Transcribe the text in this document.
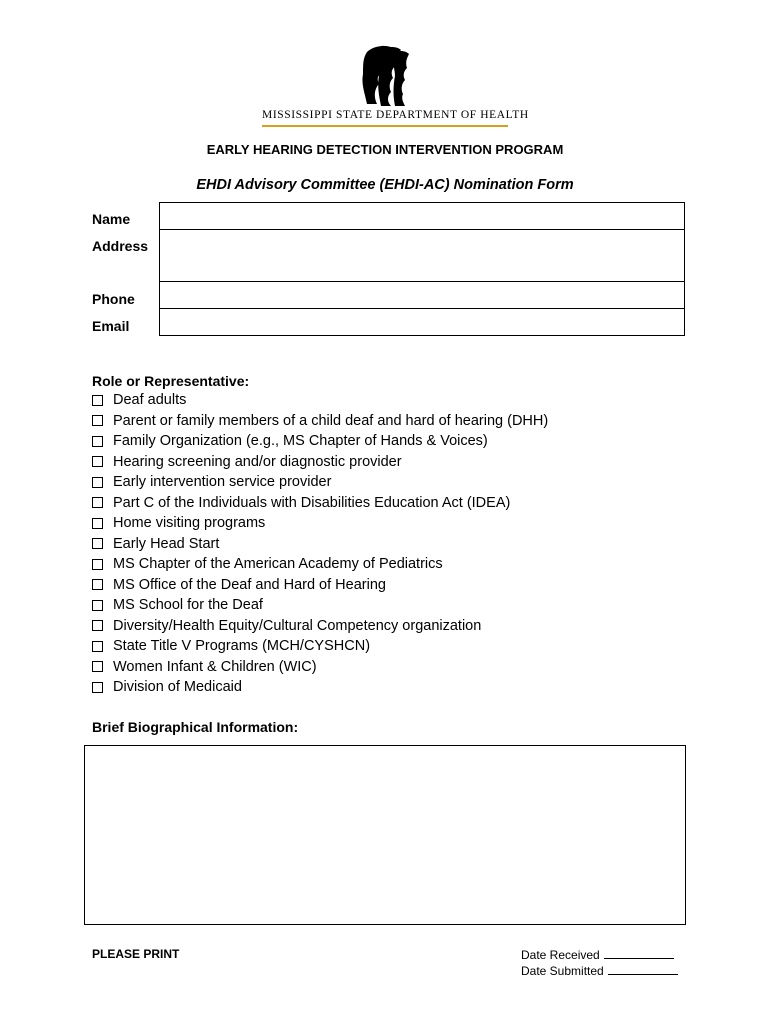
MISSISSIPPI STATE DEPARTMENT OF HEALTH
EARLY HEARING DETECTION INTERVENTION PROGRAM
EHDI Advisory Committee (EHDI-AC) Nomination Form
Name
Address
Phone
Email
Role or Representative:
Deaf adults
Parent or family members of a child deaf and hard of hearing (DHH)
Family Organization (e.g., MS Chapter of Hands & Voices)
Hearing screening and/or diagnostic provider
Early intervention service provider
Part C of the Individuals with Disabilities Education Act (IDEA)
Home visiting programs
Early Head Start
MS Chapter of the American Academy of Pediatrics
MS Office of the Deaf and Hard of Hearing
MS School for the Deaf
Diversity/Health Equity/Cultural Competency organization
State Title V Programs (MCH/CYSHCN)
Women Infant & Children (WIC)
Division of Medicaid
Brief Biographical Information:
PLEASE PRINT	Date Received
Date Submitted
